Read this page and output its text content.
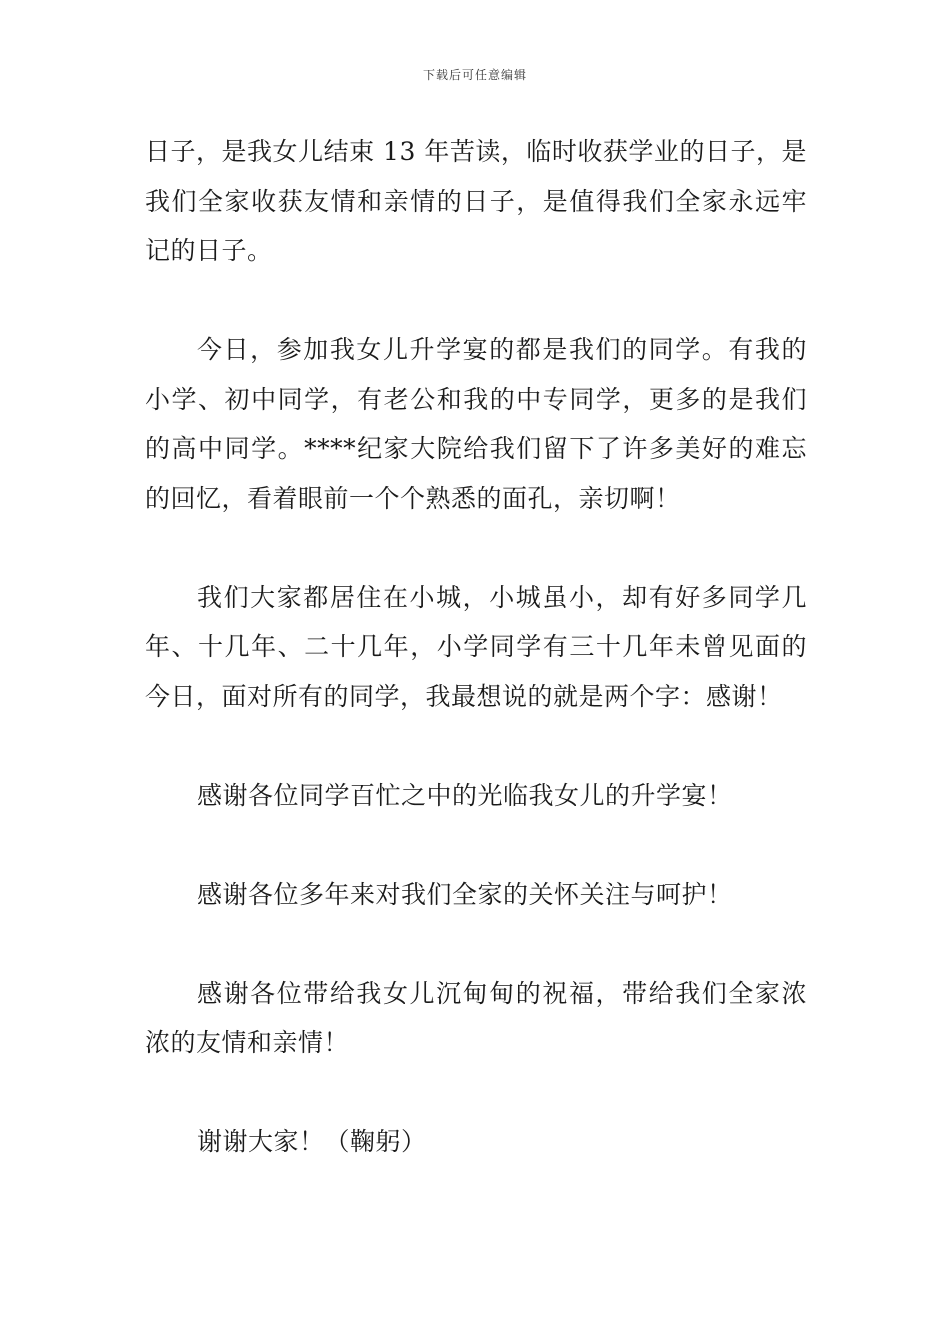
下载后可任意编辑
日子，是我女儿结束 13 年苦读，临时收获学业的日子，是
我们全家收获友情和亲情的日子，是值得我们全家永远牢
记的日子。
今日，参加我女儿升学宴的都是我们的同学。有我的
小学、初中同学，有老公和我的中专同学，更多的是我们
的高中同学。****纪家大院给我们留下了许多美好的难忘
的回忆，看着眼前一个个熟悉的面孔，亲切啊！
我们大家都居住在小城，小城虽小，却有好多同学几
年、十几年、二十几年，小学同学有三十几年未曾见面的
今日，面对所有的同学，我最想说的就是两个字：感谢！
感谢各位同学百忙之中的光临我女儿的升学宴！
感谢各位多年来对我们全家的关怀关注与呵护！
感谢各位带给我女儿沉甸甸的祝福，带给我们全家浓
浓的友情和亲情！
谢谢大家！（鞠躬）
